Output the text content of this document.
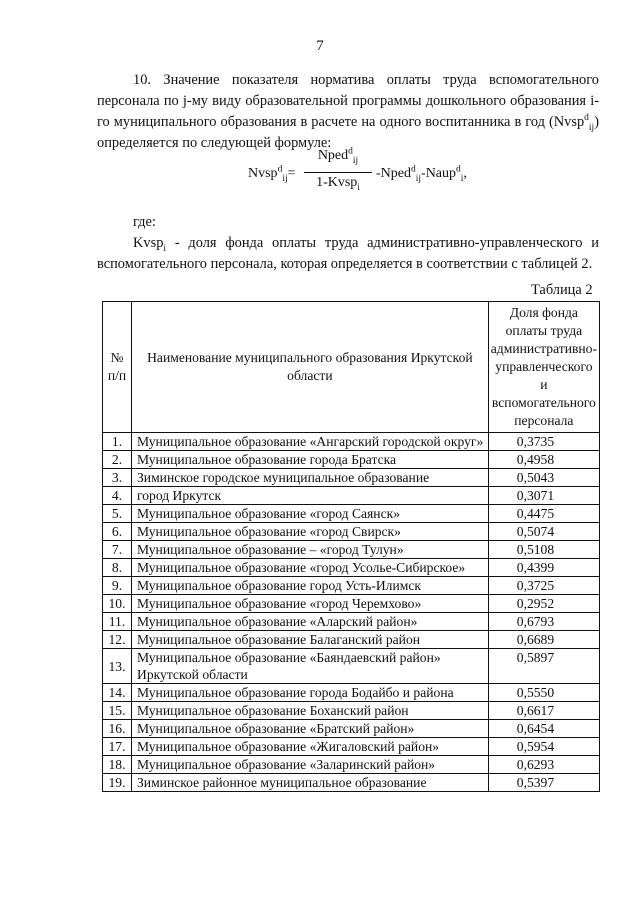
7
10. Значение показателя норматива оплаты труда вспомогательного персонала по j-му виду образовательной программы дошкольного образования i-го муниципального образования в расчете на одного воспитанника в год (Nvsp$^d_{ij}$) определяется по следующей формуле:
Nvsp$^d_{ij}$=
Nped$^d_{ij}$
1-Kvsp$_i$
-Nped$^d_{ij}$-Naup$^d_i$,
где:
Kvsp$_i$ - доля фонда оплаты труда административно-управленческого и вспомогательного персонала, которая определяется в соответствии с таблицей 2.
Таблица 2
№ п/п	Наименование муниципального образования Иркутской области	Доля фонда оплаты труда административно-управленческого и вспомогательного персонала
1.	Муниципальное образование «Ангарский городской округ»	0,3735
2.	Муниципальное образование города Братска	0,4958
3.	Зиминское городское муниципальное образование	0,5043
4.	город Иркутск	0,3071
5.	Муниципальное образование «город Саянск»	0,4475
6.	Муниципальное образование «город Свирск»	0,5074
7.	Муниципальное образование – «город Тулун»	0,5108
8.	Муниципальное образование «город Усолье-Сибирское»	0,4399
9.	Муниципальное образование город Усть-Илимск	0,3725
10.	Муниципальное образование «город Черемхово»	0,2952
11.	Муниципальное образование «Аларский район»	0,6793
12.	Муниципальное образование Балаганский район	0,6689
13.	Муниципальное образование «Баяндаевский район» Иркутской области	0,5897
14.	Муниципальное образование города Бодайбо и района	0,5550
15.	Муниципальное образование Боханский район	0,6617
16.	Муниципальное образование «Братский район»	0,6454
17.	Муниципальное образование «Жигаловский район»	0,5954
18.	Муниципальное образование «Заларинский район»	0,6293
19.	Зиминское районное муниципальное образование	0,5397
